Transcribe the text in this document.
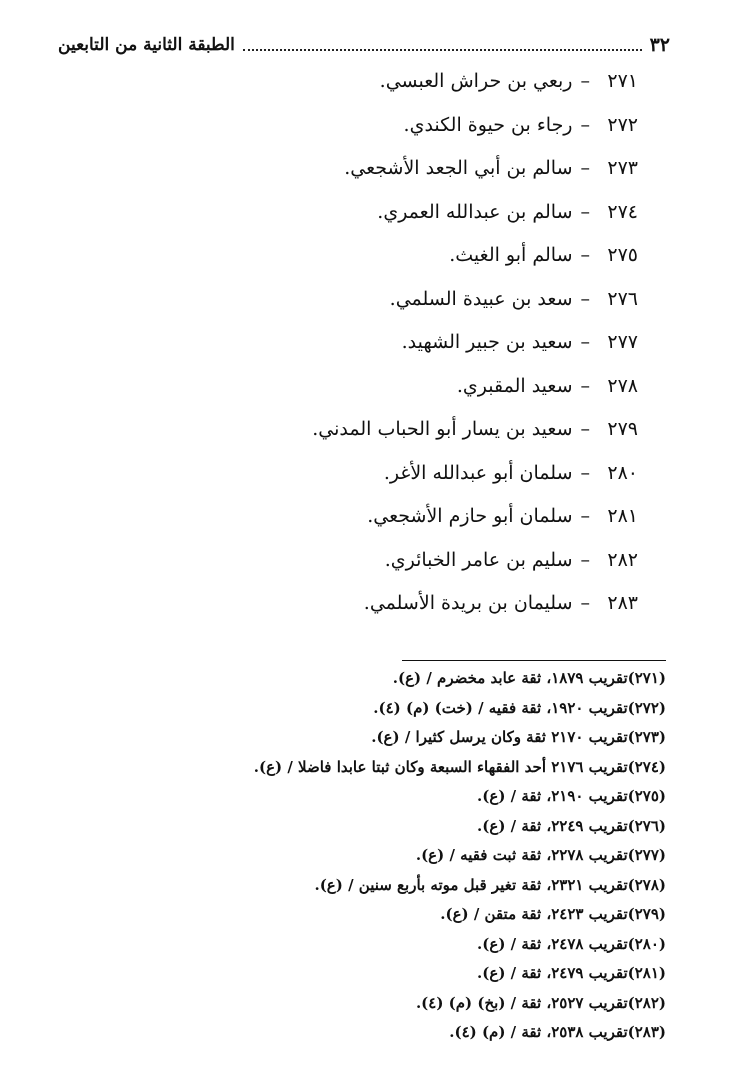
٣٢
الطبقة الثانية من التابعين
٢٧١–ربعي بن حراش العبسي.
٢٧٢–رجاء بن حيوة الكندي.
٢٧٣–سالم بن أبي الجعد الأشجعي.
٢٧٤–سالم بن عبدالله العمري.
٢٧٥–سالم أبو الغيث.
٢٧٦–سعد بن عبيدة السلمي.
٢٧٧–سعيد بن جبير الشهيد.
٢٧٨–سعيد المقبري.
٢٧٩–سعيد بن يسار أبو الحباب المدني.
٢٨٠–سلمان أبو عبدالله الأغر.
٢٨١–سلمان أبو حازم الأشجعي.
٢٨٢–سليم بن عامر الخبائري.
٢٨٣–سليمان بن بريدة الأسلمي.
(٢٧١)تقريب ١٨٧٩، ثقة عابد مخضرم / (ع).
(٢٧٢)تقريب ١٩٢٠، ثقة فقيه / (خت) (م) (٤).
(٢٧٣)تقريب ٢١٧٠ ثقة وكان يرسل كثيرا / (ع).
(٢٧٤)تقريب ٢١٧٦ أحد الفقهاء السبعة وكان ثبتا عابدا فاضلا / (ع).
(٢٧٥)تقريب ٢١٩٠، ثقة / (ع).
(٢٧٦)تقريب ٢٢٤٩، ثقة / (ع).
(٢٧٧)تقريب ٢٢٧٨، ثقة ثبت فقيه / (ع).
(٢٧٨)تقريب ٢٣٢١، ثقة تغير قبل موته بأربع سنين / (ع).
(٢٧٩)تقريب ٢٤٢٣، ثقة متقن / (ع).
(٢٨٠)تقريب ٢٤٧٨، ثقة / (ع).
(٢٨١)تقريب ٢٤٧٩، ثقة / (ع).
(٢٨٢)تقريب ٢٥٢٧، ثقة / (بخ) (م) (٤).
(٢٨٣)تقريب ٢٥٣٨، ثقة / (م) (٤).
